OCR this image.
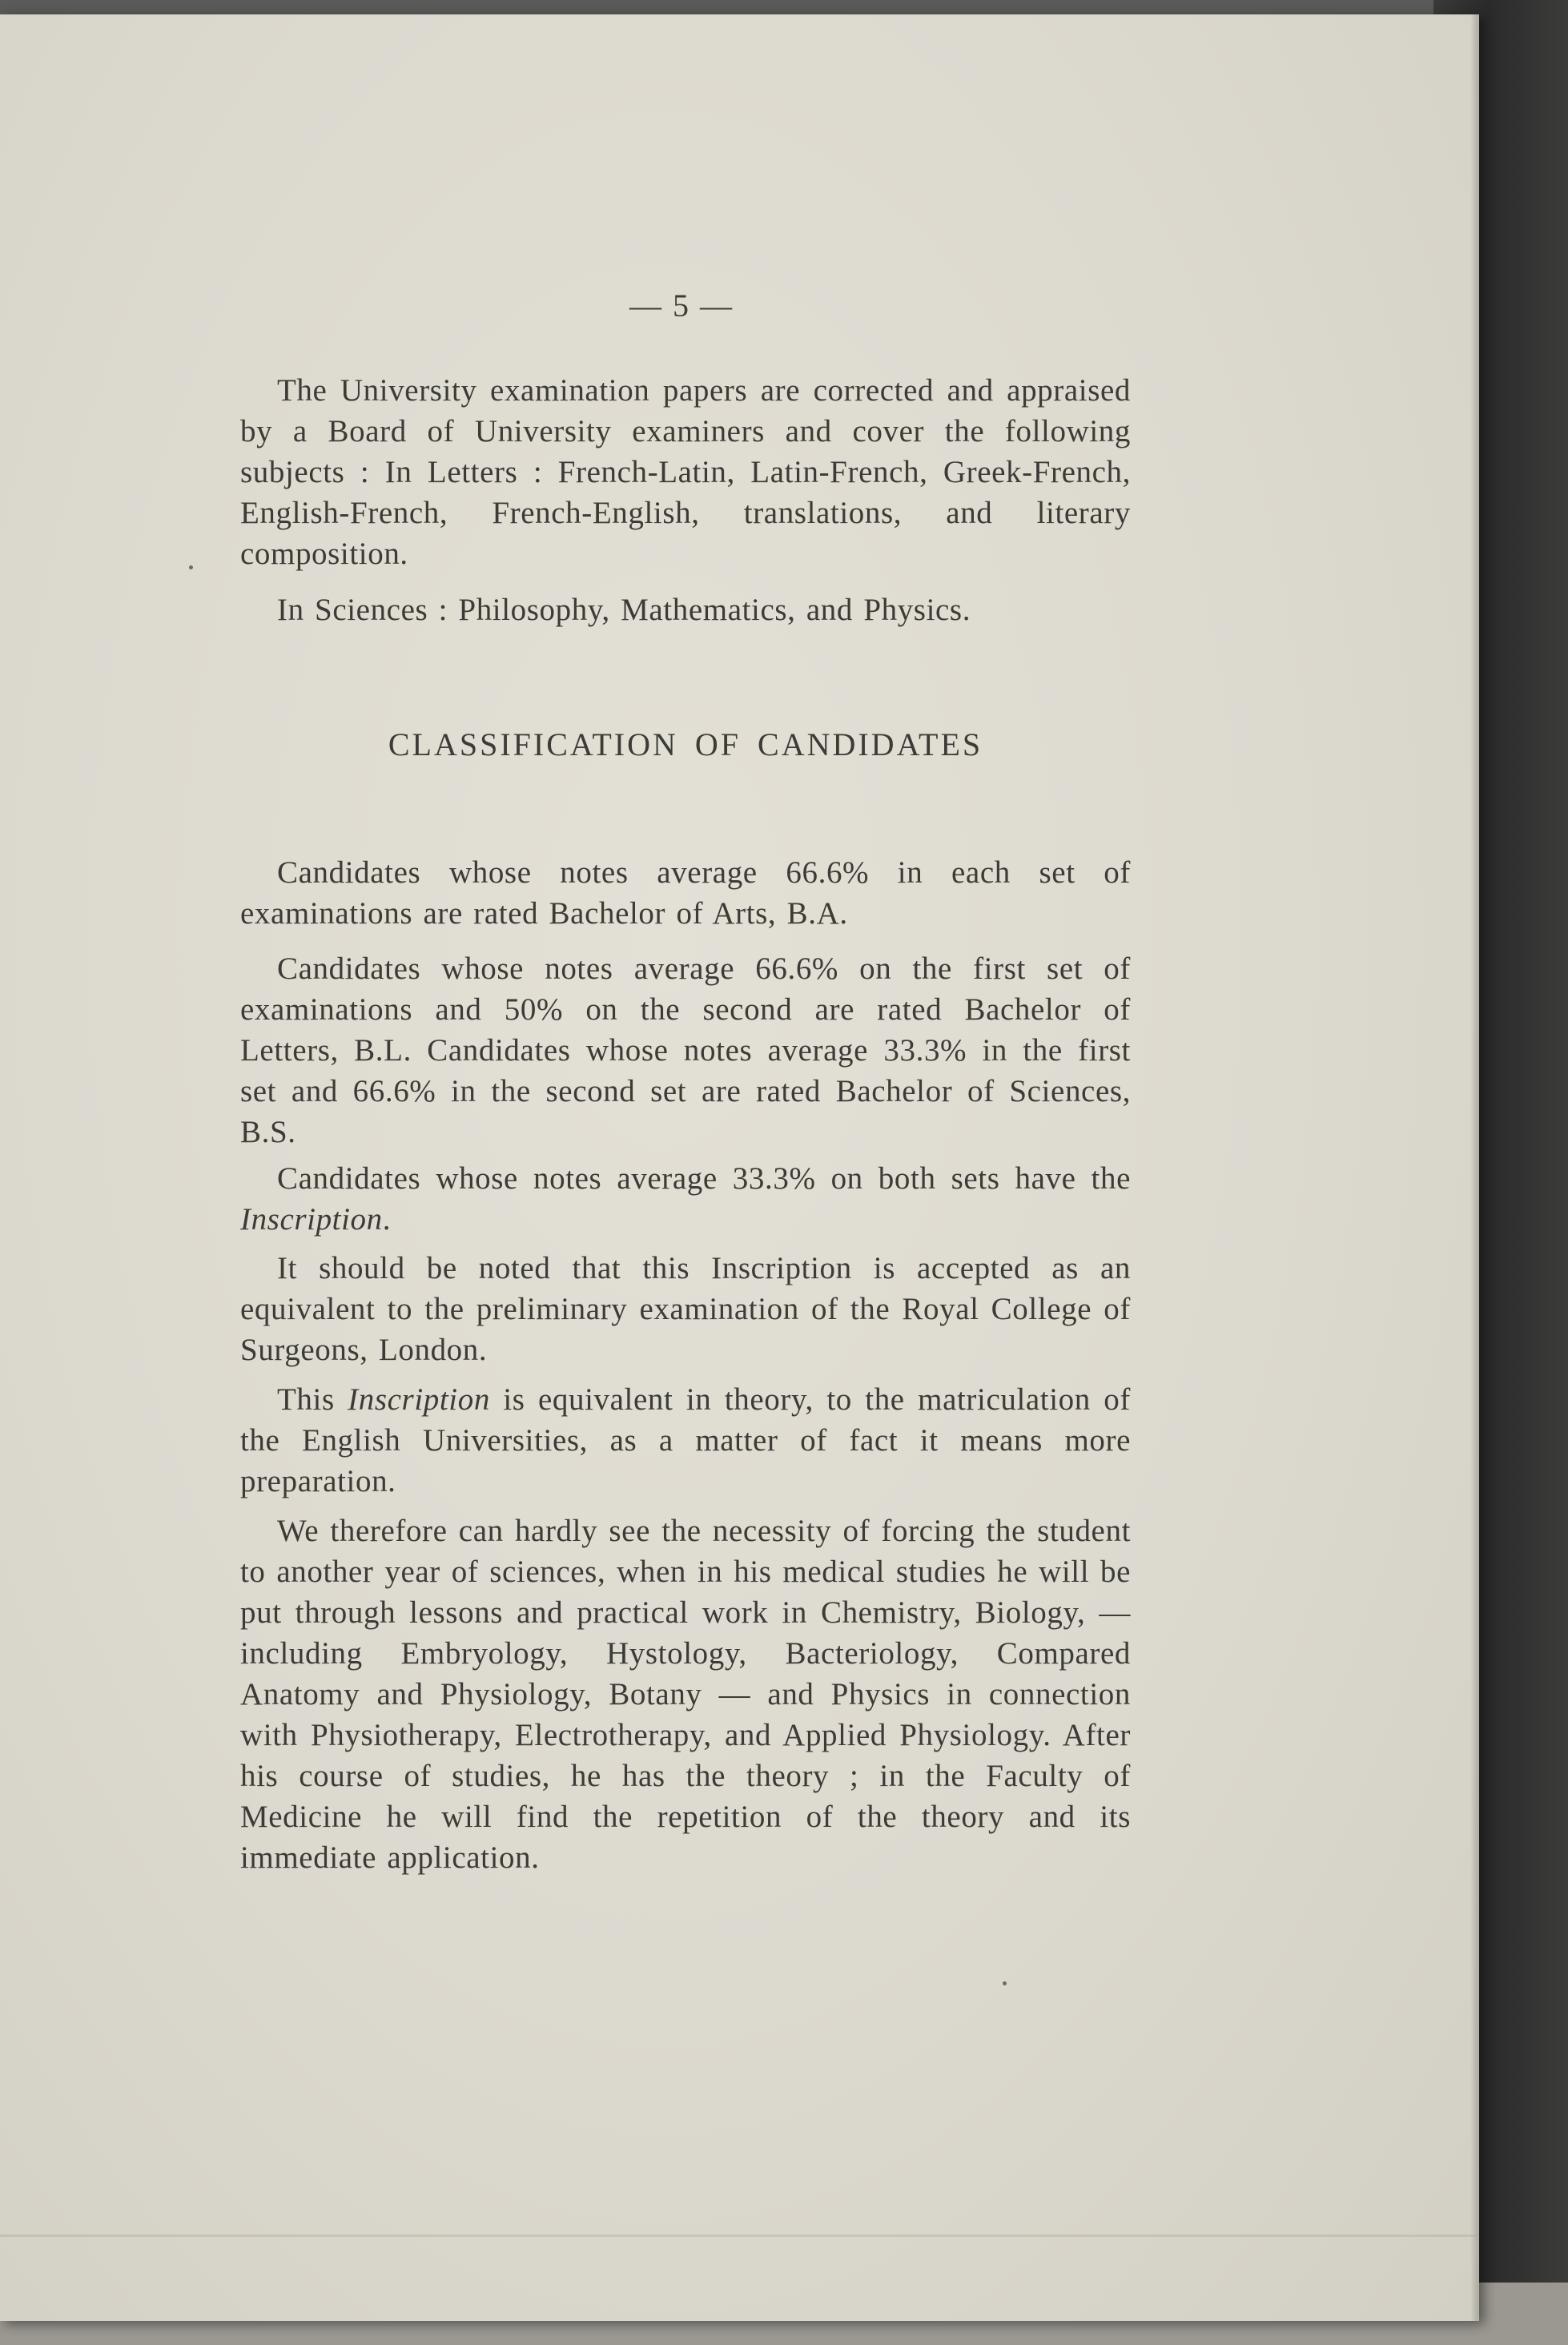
— 5 —

The University examination papers are corrected and appraised by a Board of University examiners and cover the following subjects : In Letters : French-Latin, Latin-French, Greek-French, English-French, French-English, translations, and literary composition.

In Sciences : Philosophy, Mathematics, and Physics.

CLASSIFICATION OF CANDIDATES

Candidates whose notes average 66.6% in each set of examinations are rated Bachelor of Arts, B.A.

Candidates whose notes average 66.6% on the first set of examinations and 50% on the second are rated Bachelor of Letters, B.L. Candidates whose notes average 33.3% in the first set and 66.6% in the second set are rated Bachelor of Sciences, B.S.

Candidates whose notes average 33.3% on both sets have the Inscription.

It should be noted that this Inscription is accepted as an equivalent to the preliminary examination of the Royal College of Surgeons, London.

This Inscription is equivalent in theory, to the matriculation of the English Universities, as a matter of fact it means more preparation.

We therefore can hardly see the necessity of forcing the student to another year of sciences, when in his medical studies he will be put through lessons and practical work in Chemistry, Biology, — including Embryology, Hystology, Bacteriology, Compared Anatomy and Physiology, Botany — and Physics in connection with Physiotherapy, Electrotherapy, and Applied Physiology. After his course of studies, he has the theory ; in the Faculty of Medicine he will find the repetition of the theory and its immediate application.
